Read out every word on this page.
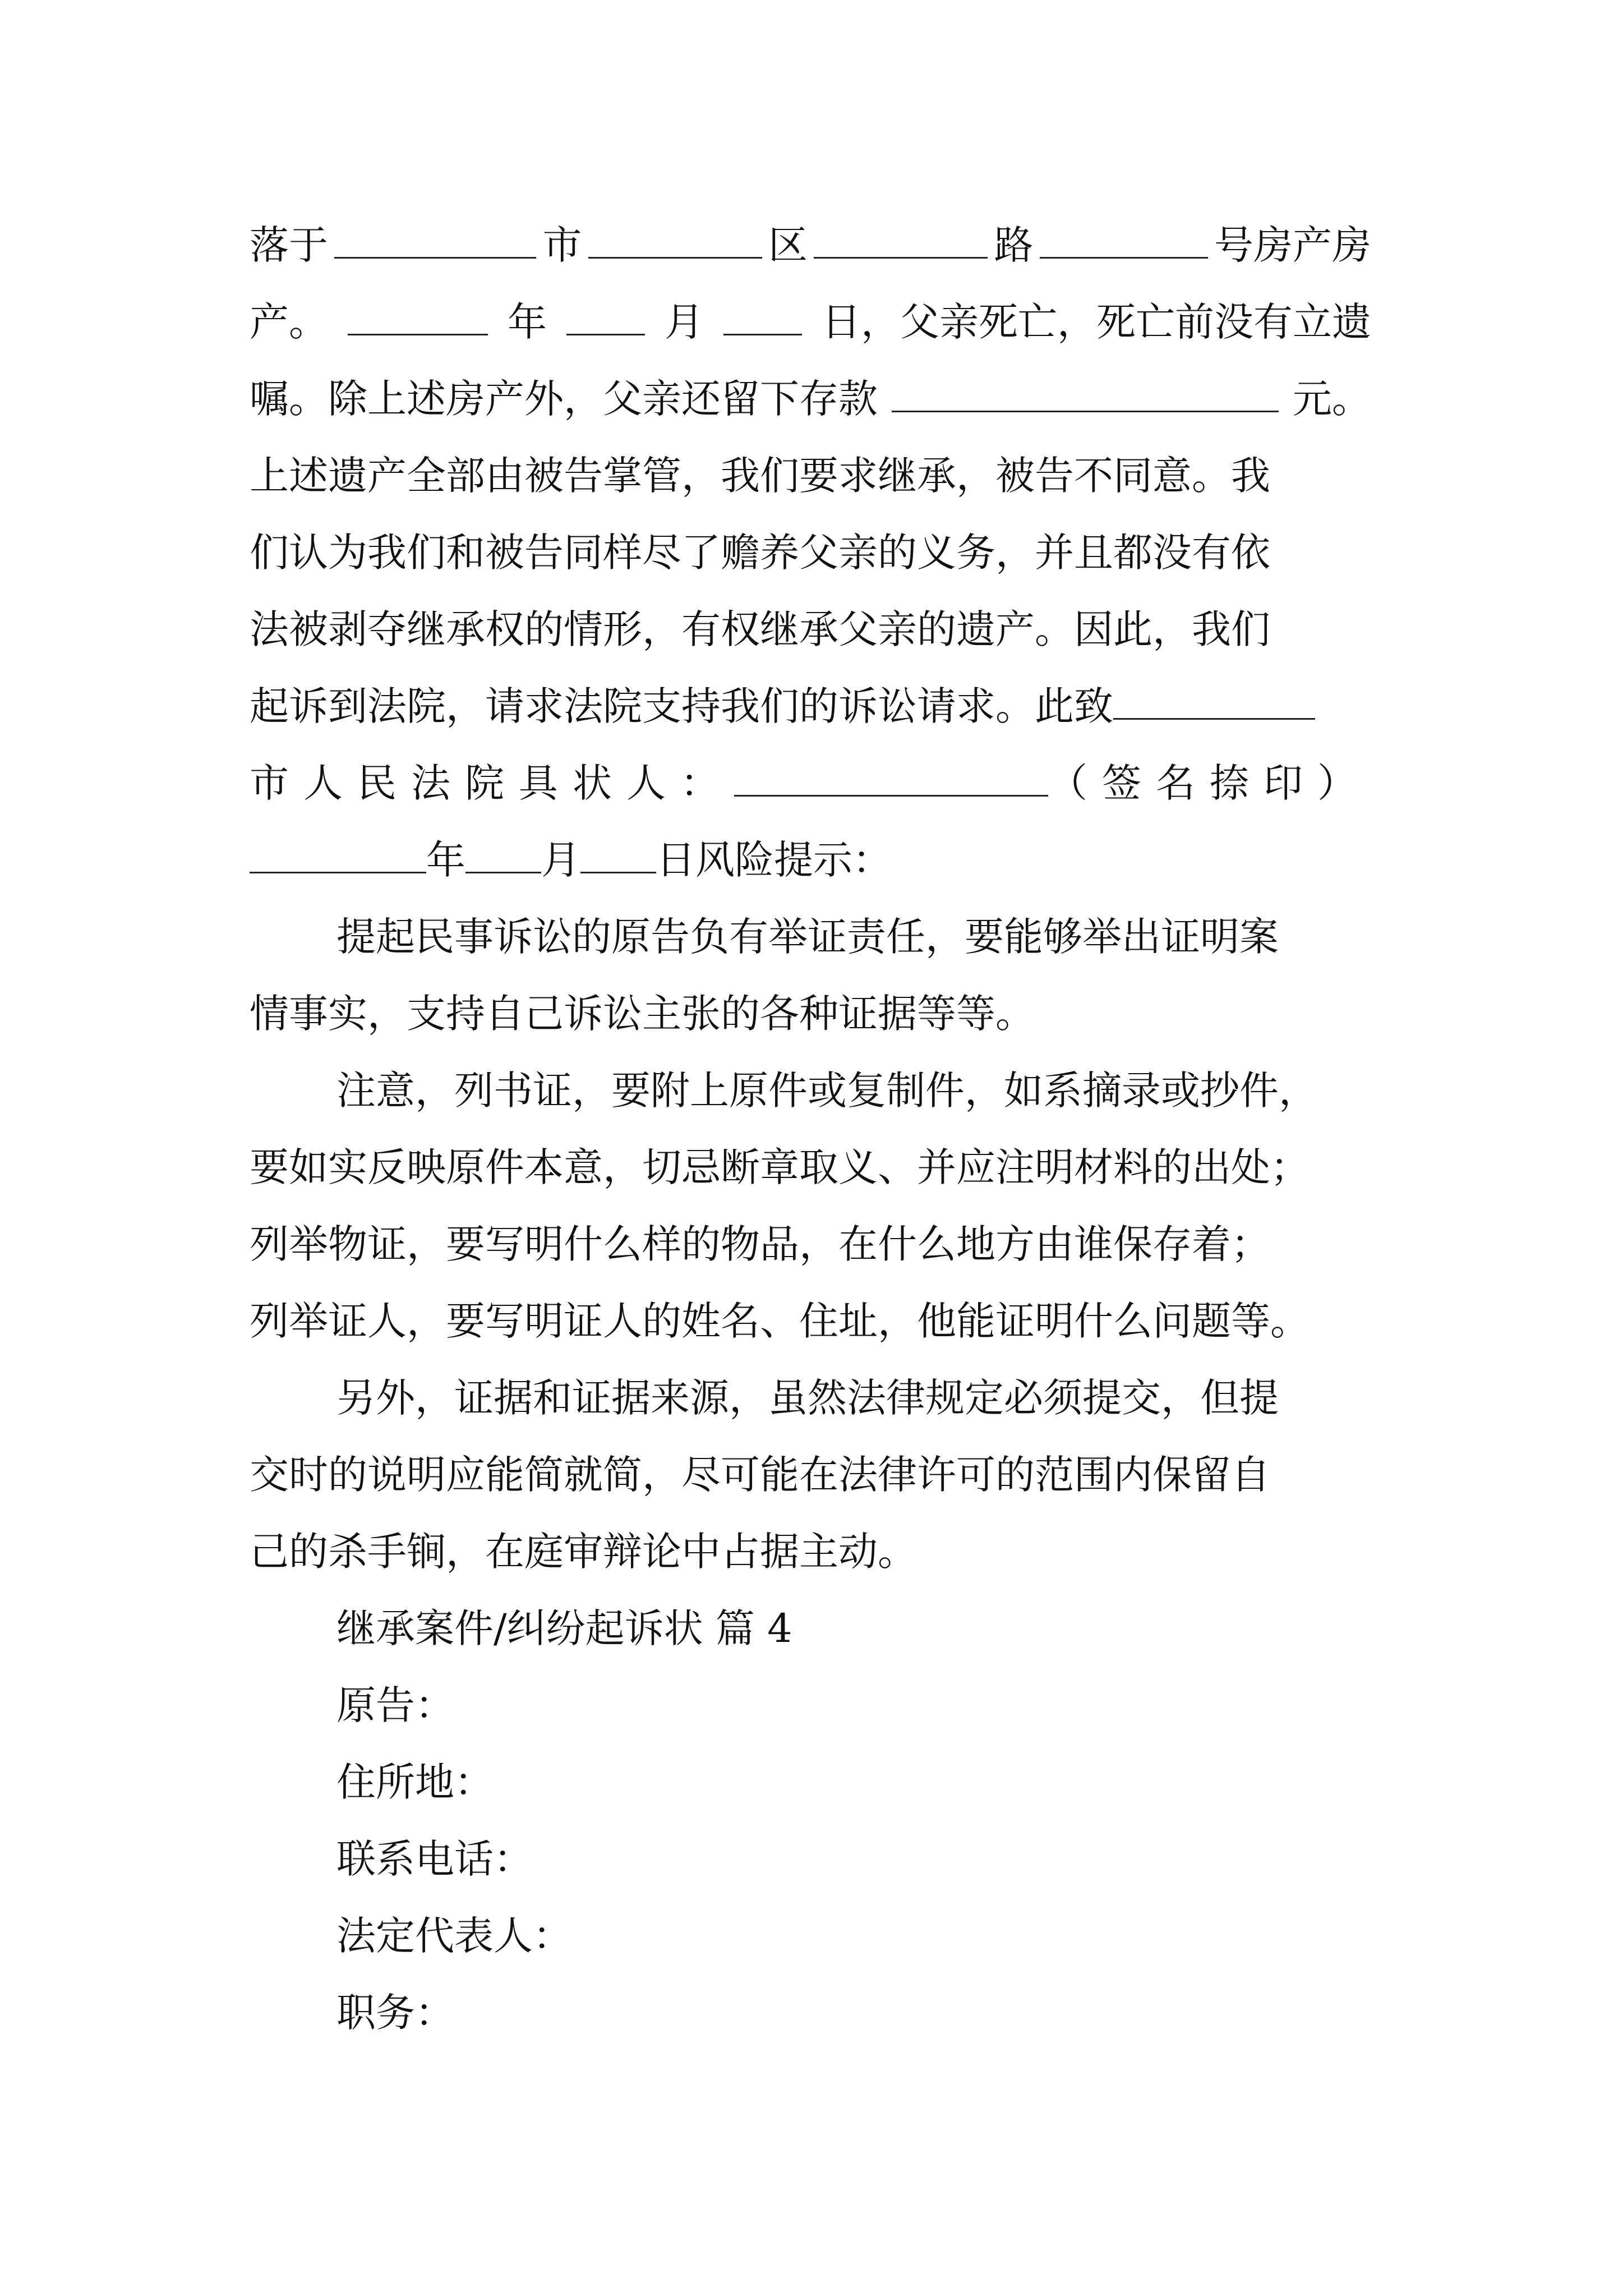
落于	市	区	路	号房产房
产。	年	月	日，父亲死亡，死亡前没有立遗
嘱。除上述房产外，父亲还留下存款	元。
上述遗产全部由被告掌管，我们要求继承，被告不同意。我
们认为我们和被告同样尽了赡养父亲的义务，并且都没有依
法被剥夺继承权的情形，有权继承父亲的遗产。因此，我们
起诉到法院，请求法院支持我们的诉讼请求。此致
市人民法院具状人：	（签名捺印）
年 月 日风险提示：
提起民事诉讼的原告负有举证责任，要能够举出证明案
情事实，支持自己诉讼主张的各种证据等等。
注意，列书证，要附上原件或复制件，如系摘录或抄件，
要如实反映原件本意，切忌断章取义、并应注明材料的出处；
列举物证，要写明什么样的物品，在什么地方由谁保存着；
列举证人，要写明证人的姓名、住址，他能证明什么问题等。
另外，证据和证据来源，虽然法律规定必须提交，但提
交时的说明应能简就简，尽可能在法律许可的范围内保留自
己的杀手锏，在庭审辩论中占据主动。
继承案件/纠纷起诉状 篇 4
原告：
住所地：
联系电话：
法定代表人：
职务：
